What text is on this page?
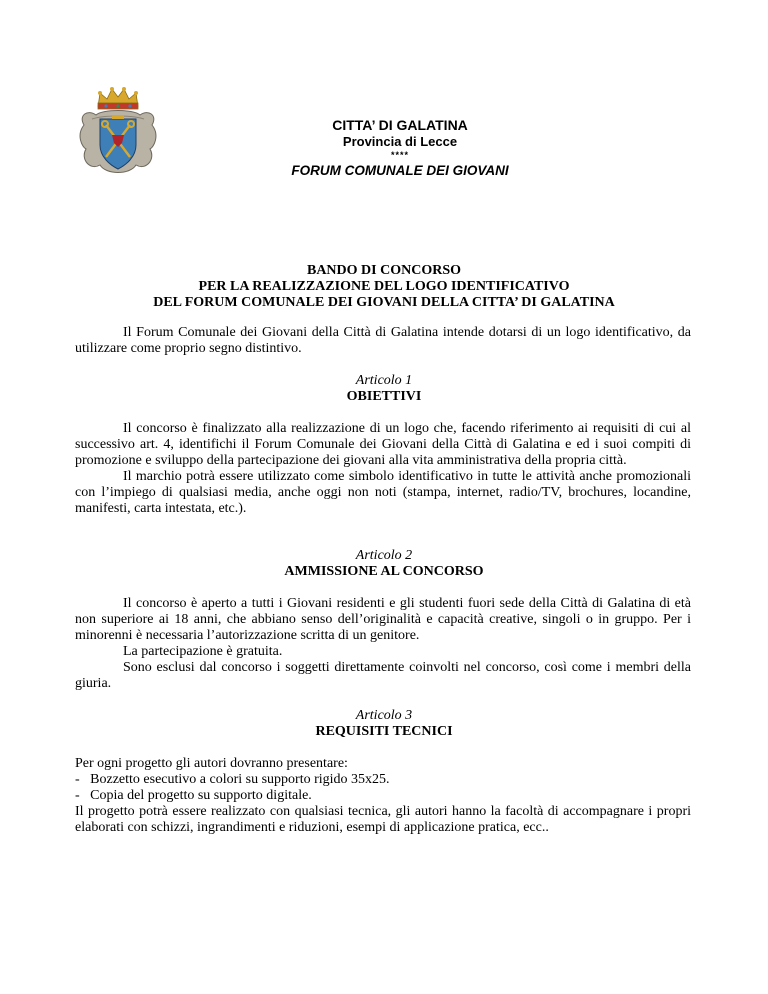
CITTA’ DI GALATINA
Provincia di Lecce
****
FORUM COMUNALE DEI GIOVANI
BANDO DI CONCORSO
PER LA REALIZZAZIONE DEL LOGO IDENTIFICATIVO
DEL FORUM COMUNALE DEI GIOVANI DELLA CITTA’ DI GALATINA

Il Forum Comunale dei Giovani della Città di Galatina intende dotarsi di un logo identificativo, da utilizzare come proprio segno distintivo.

Articolo 1
OBIETTIVI

Il concorso è finalizzato alla realizzazione di un logo che, facendo riferimento ai requisiti di cui al successivo art. 4, identifichi il Forum Comunale dei Giovani della Città di Galatina e ed i suoi compiti di promozione e sviluppo della partecipazione dei giovani alla vita amministrativa della propria città.

Il marchio potrà essere utilizzato come simbolo identificativo in tutte le attività anche promozionali con l’impiego di qualsiasi media, anche oggi non noti (stampa, internet, radio/TV, brochures, locandine, manifesti, carta intestata, etc.).

Articolo 2
AMMISSIONE AL CONCORSO

Il concorso è aperto a tutti i Giovani residenti e gli studenti fuori sede della Città di Galatina di età non superiore ai 18 anni, che abbiano senso dell’originalità e capacità creative, singoli o in gruppo. Per i minorenni è necessaria l’autorizzazione scritta di un genitore.

La partecipazione è gratuita.

Sono esclusi dal concorso i soggetti direttamente coinvolti nel concorso, così come i membri della giuria.

Articolo 3
REQUISITI TECNICI

Per ogni progetto gli autori dovranno presentare:

-   Bozzetto esecutivo a colori su supporto rigido 35x25.

-   Copia del progetto su supporto digitale.

Il progetto potrà essere realizzato con qualsiasi tecnica, gli autori hanno la facoltà di accompagnare i propri elaborati con schizzi, ingrandimenti e riduzioni, esempi di applicazione pratica, ecc..
